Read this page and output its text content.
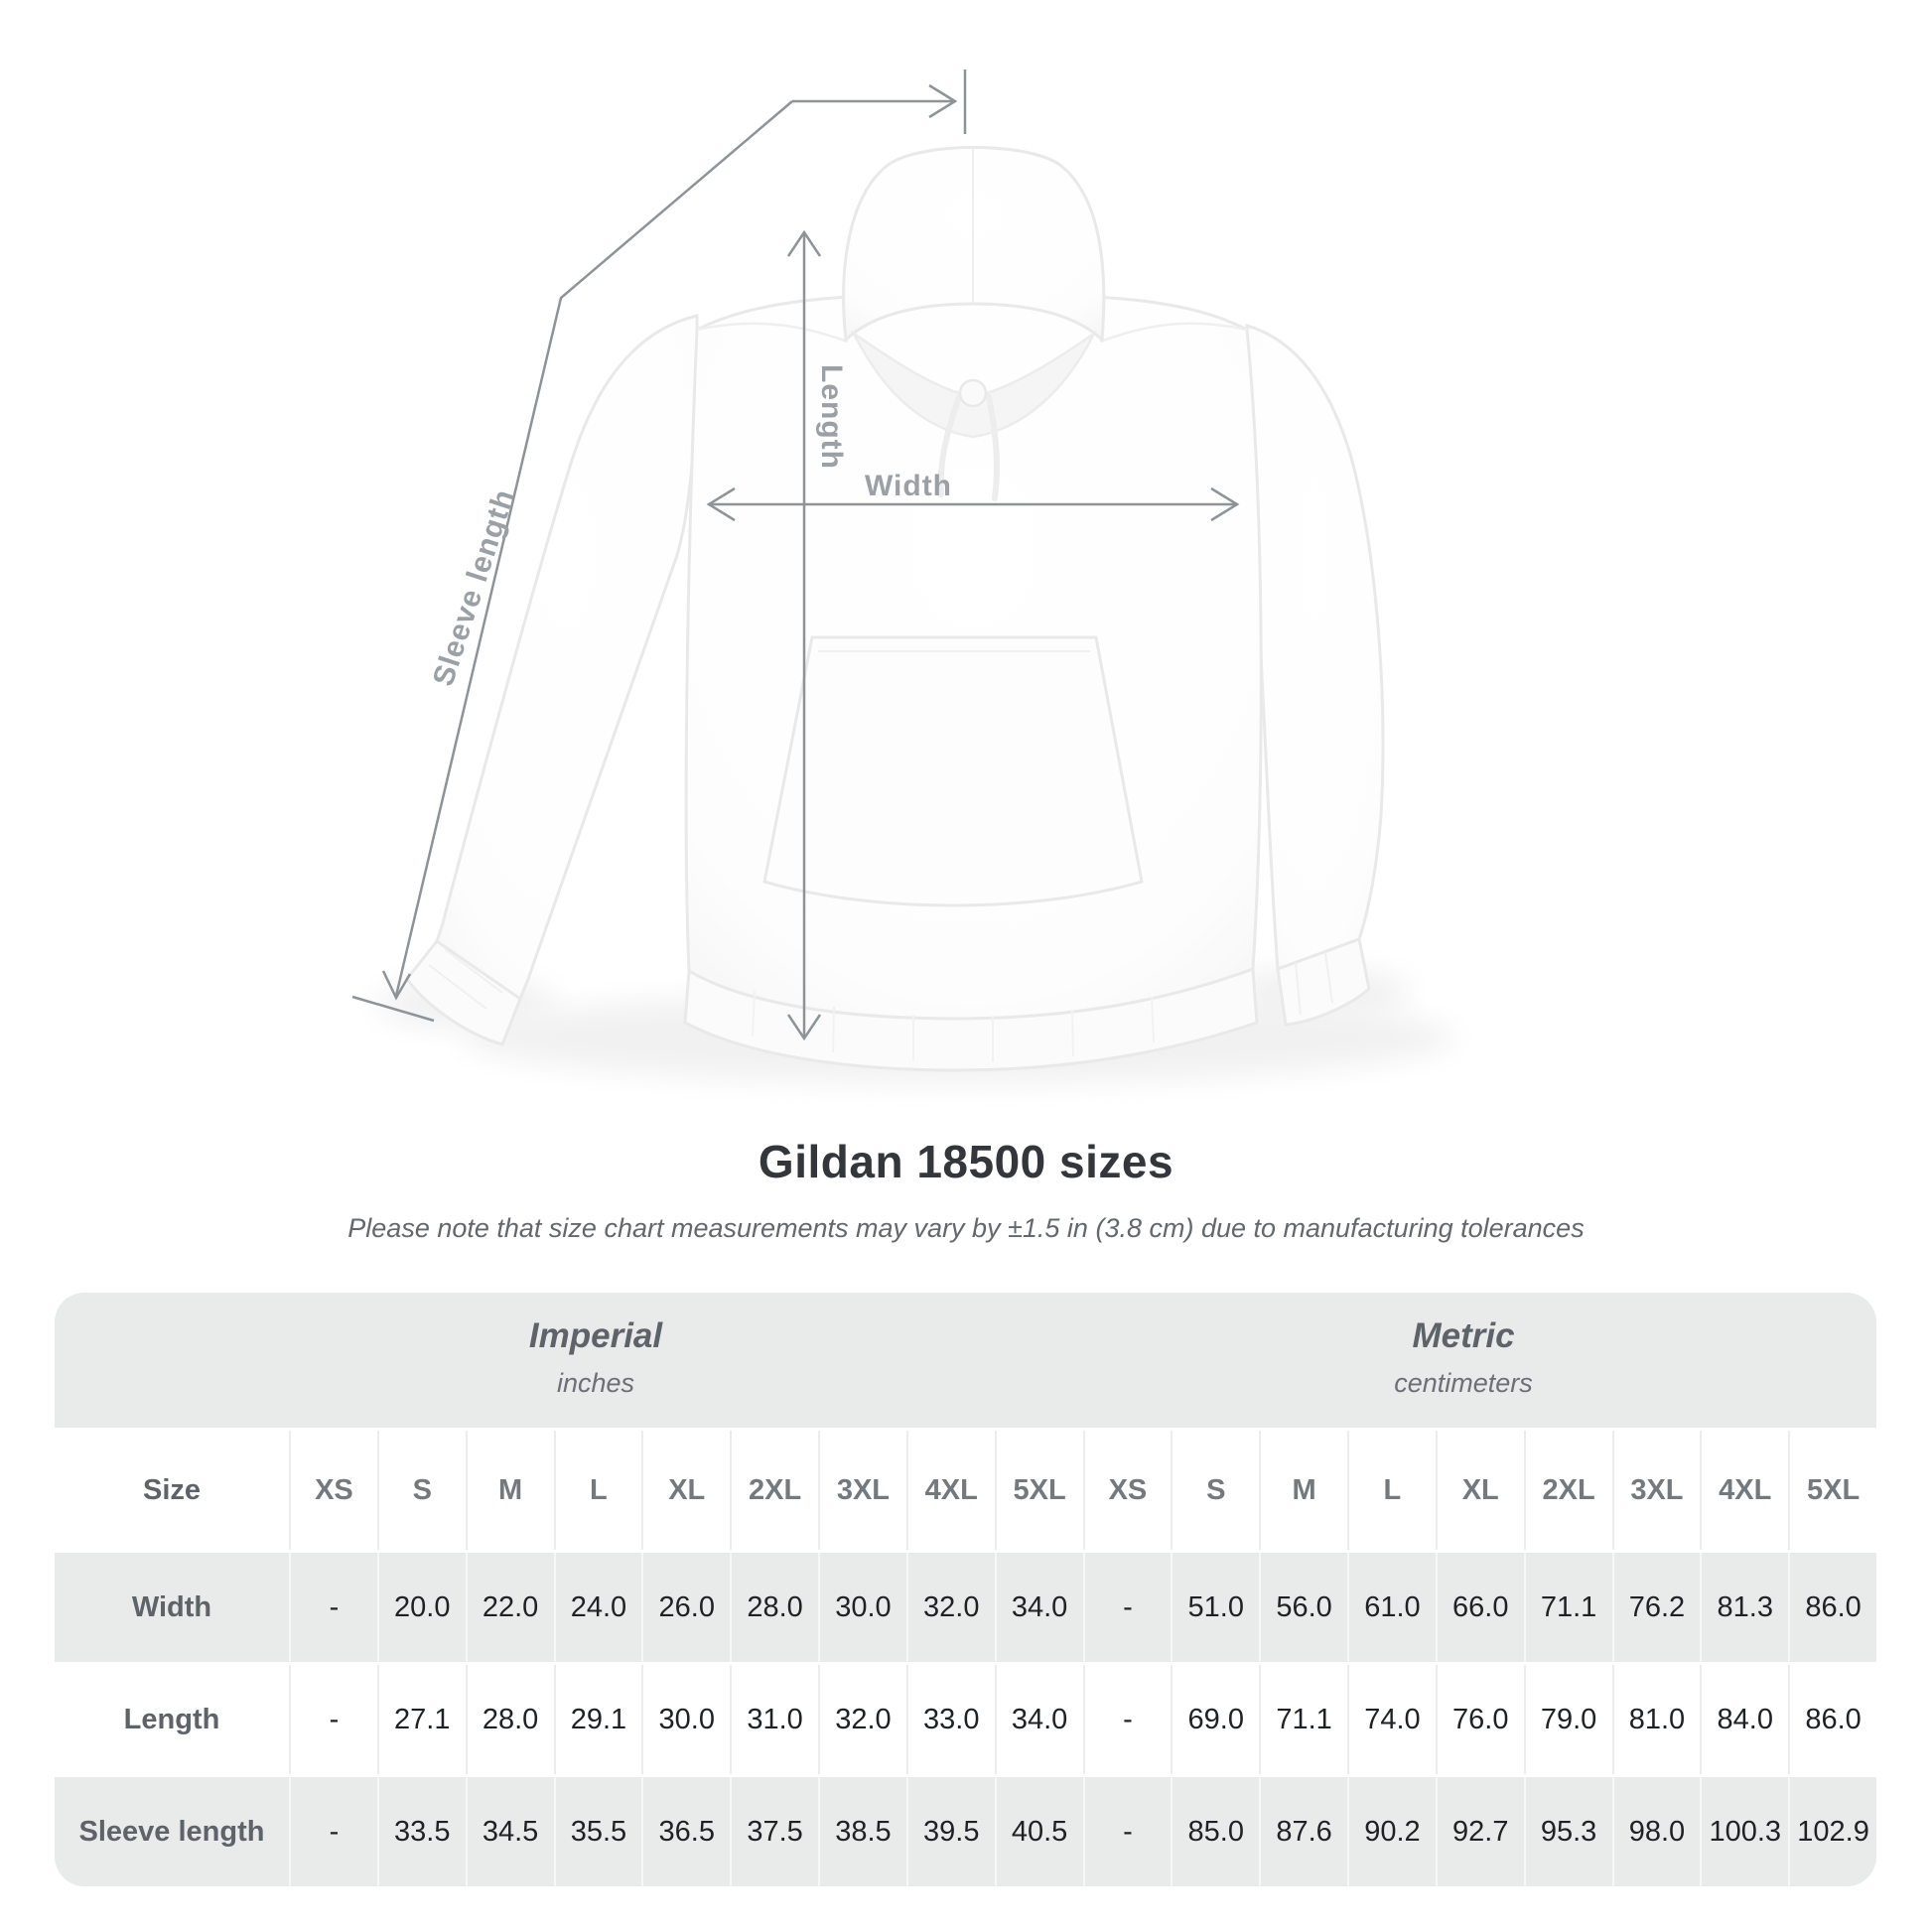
Width
Length
Sleeve length
Gildan 18500 sizes
Please note that size chart measurements may vary by ±1.5 in (3.8 cm) due to manufacturing tolerances
Imperial
inches
Metric
centimeters
Size	XS	S	M	L	XL	2XL	3XL	4XL	5XL	XS	S	M	L	XL	2XL	3XL	4XL	5XL
Width	-	20.0	22.0	24.0	26.0	28.0	30.0	32.0	34.0	-	51.0	56.0	61.0	66.0	71.1	76.2	81.3	86.0
Length	-	27.1	28.0	29.1	30.0	31.0	32.0	33.0	34.0	-	69.0	71.1	74.0	76.0	79.0	81.0	84.0	86.0
Sleeve length	-	33.5	34.5	35.5	36.5	37.5	38.5	39.5	40.5	-	85.0	87.6	90.2	92.7	95.3	98.0 100.3 102.9
